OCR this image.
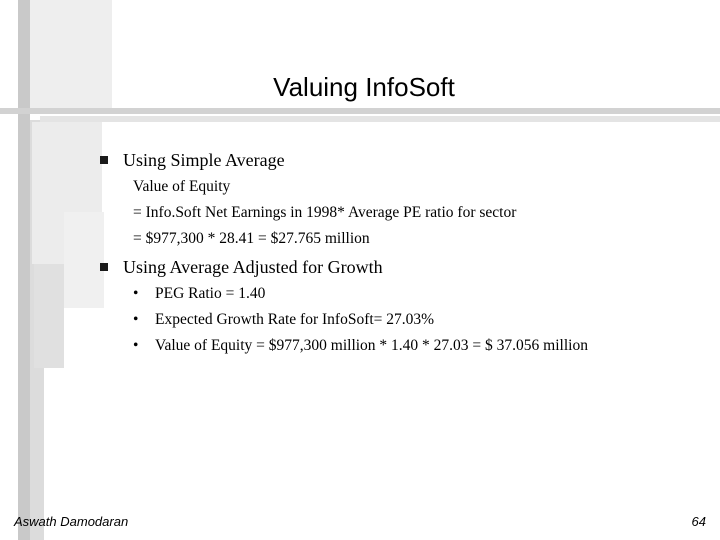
Valuing InfoSoft
Using Simple Average
Value of Equity
= Info.Soft Net Earnings in 1998* Average PE ratio for sector
= $977,300 * 28.41 = $27.765 million
Using Average Adjusted for Growth
• PEG Ratio = 1.40
• Expected Growth Rate for InfoSoft= 27.03%
• Value of Equity = $977,300 million * 1.40 * 27.03 = $ 37.056 million
Aswath Damodaran	64
